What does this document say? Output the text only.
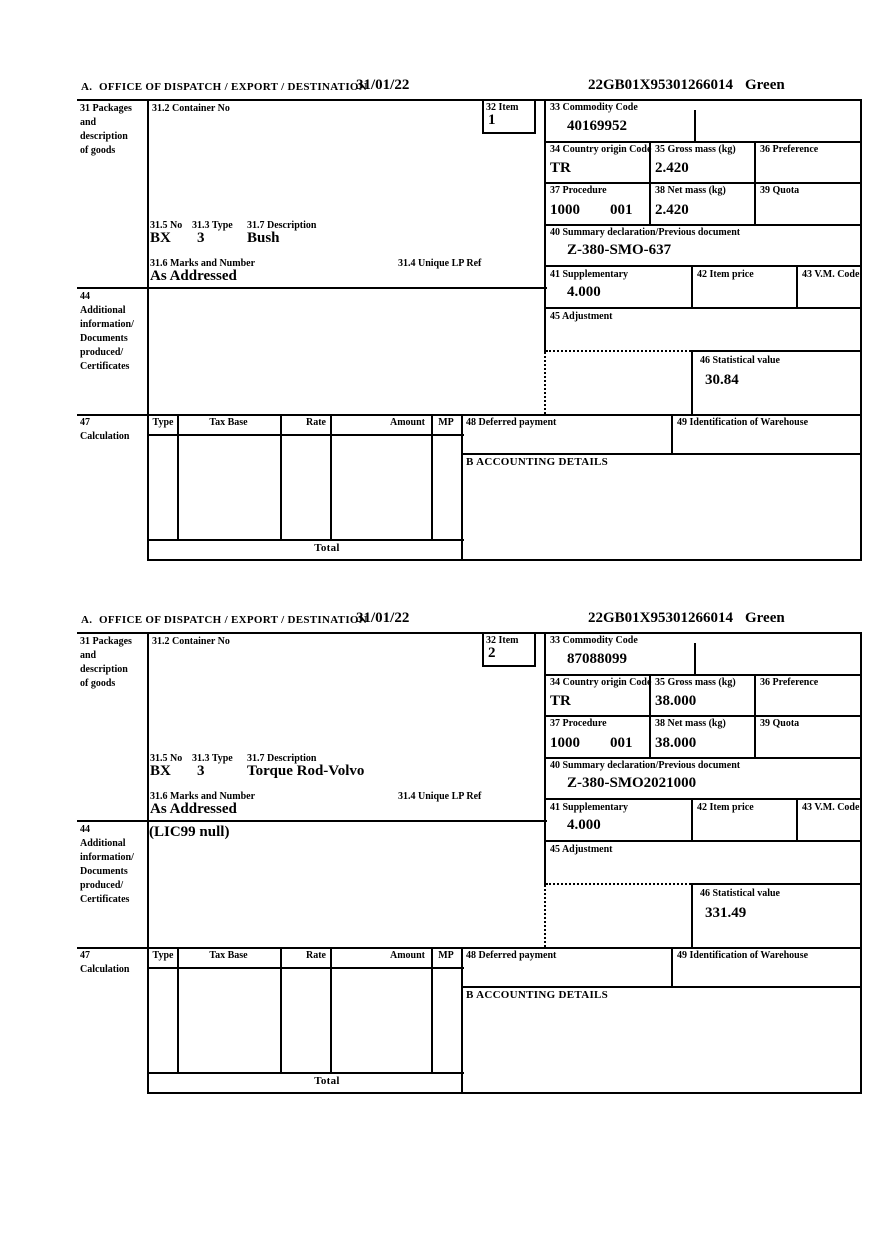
A. OFFICE OF DISPATCH / EXPORT / DESTINATION
31/01/22	22GB01X95301266014 Green
31 Packages
and
description
of goods
31.2 Container No	32 Item
1
33 Commodity Code
40169952
34 Country origin Code 35 Gross mass (kg) 36 Preference
TR	2.420
37 Procedure	38 Net mass (kg)	39 Quota
1000 001 2.420
40 Summary declaration/Previous document
Z-380-SMO-637
41 Supplementary	42 Item price	43 V.M. Code
4.000
45 Adjustment
46 Statistical value
30.84
31.5 No 31.3 Type 31.7 Description
BX 3	Bush
31.6 Marks and Number	31.4 Unique LP Ref
As Addressed
44
Additional
information/
Documents
produced/
Certificates
47
Calculation
Type	Tax Base	Rate	Amount	MP	48 Deferred payment	49 Identification of Warehouse
B ACCOUNTING DETAILS
Total
A. OFFICE OF DISPATCH / EXPORT / DESTINATION
31/01/22	22GB01X95301266014 Green
31 Packages
and
description
of goods
31.2 Container No	32 Item
2
33 Commodity Code
87088099
34 Country origin Code 35 Gross mass (kg) 36 Preference
TR	38.000
37 Procedure	38 Net mass (kg)	39 Quota
1000 001 38.000
40 Summary declaration/Previous document
Z-380-SMO2021000
41 Supplementary	42 Item price	43 V.M. Code
4.000
45 Adjustment
46 Statistical value
331.49
31.5 No 31.3 Type 31.7 Description
BX 3	Torque Rod-Volvo
31.6 Marks and Number	31.4 Unique LP Ref
As Addressed
44
Additional
information/
Documents
produced/
Certificates
(LIC99 null)
47
Calculation
Type	Tax Base	Rate	Amount	MP	48 Deferred payment	49 Identification of Warehouse
B ACCOUNTING DETAILS
Total
